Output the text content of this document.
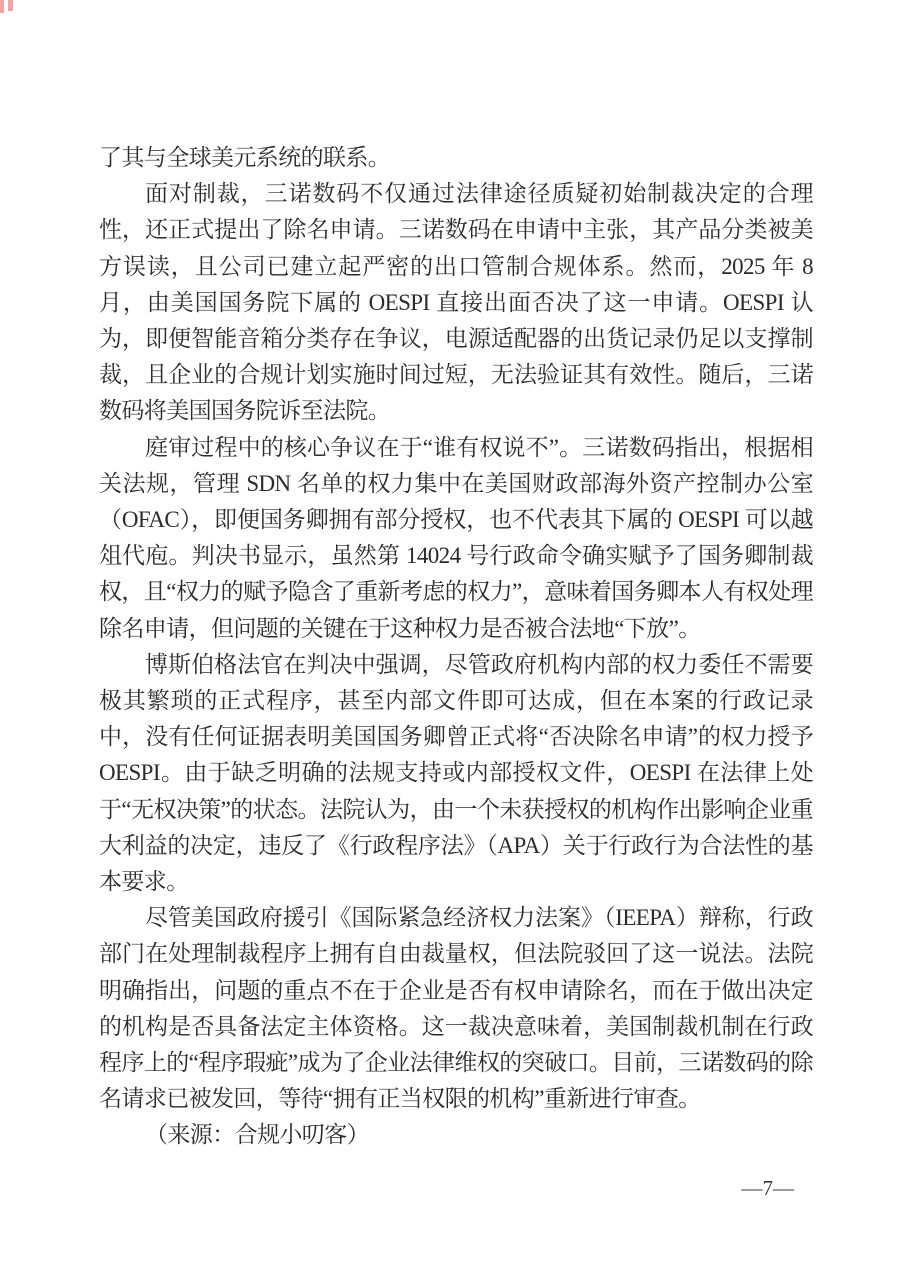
了其与全球美元系统的联系。

面对制裁，三诺数码不仅通过法律途径质疑初始制裁决定的合理性，还正式提出了除名申请。三诺数码在申请中主张，其产品分类被美方误读，且公司已建立起严密的出口管制合规体系。然而，2025 年 8 月，由美国国务院下属的 OESPI 直接出面否决了这一申请。OESPI 认为，即便智能音箱分类存在争议，电源适配器的出货记录仍足以支撑制裁，且企业的合规计划实施时间过短，无法验证其有效性。随后，三诺数码将美国国务院诉至法院。

庭审过程中的核心争议在于“谁有权说不”。三诺数码指出，根据相关法规，管理 SDN 名单的权力集中在美国财政部海外资产控制办公室（OFAC），即便国务卿拥有部分授权，也不代表其下属的 OESPI 可以越俎代庖。判决书显示，虽然第 14024 号行政命令确实赋予了国务卿制裁权，且“权力的赋予隐含了重新考虑的权力”，意味着国务卿本人有权处理除名申请，但问题的关键在于这种权力是否被合法地“下放”。

博斯伯格法官在判决中强调，尽管政府机构内部的权力委任不需要极其繁琐的正式程序，甚至内部文件即可达成，但在本案的行政记录中，没有任何证据表明美国国务卿曾正式将“否决除名申请”的权力授予 OESPI。由于缺乏明确的法规支持或内部授权文件，OESPI 在法律上处于“无权决策”的状态。法院认为，由一个未获授权的机构作出影响企业重大利益的决定，违反了《行政程序法》（APA）关于行政行为合法性的基本要求。

尽管美国政府援引《国际紧急经济权力法案》（IEEPA）辩称，行政部门在处理制裁程序上拥有自由裁量权，但法院驳回了这一说法。法院明确指出，问题的重点不在于企业是否有权申请除名，而在于做出决定的机构是否具备法定主体资格。这一裁决意味着，美国制裁机制在行政程序上的“程序瑕疵”成为了企业法律维权的突破口。目前，三诺数码的除名请求已被发回，等待“拥有正当权限的机构”重新进行审查。

（来源：合规小叨客）

—7—
